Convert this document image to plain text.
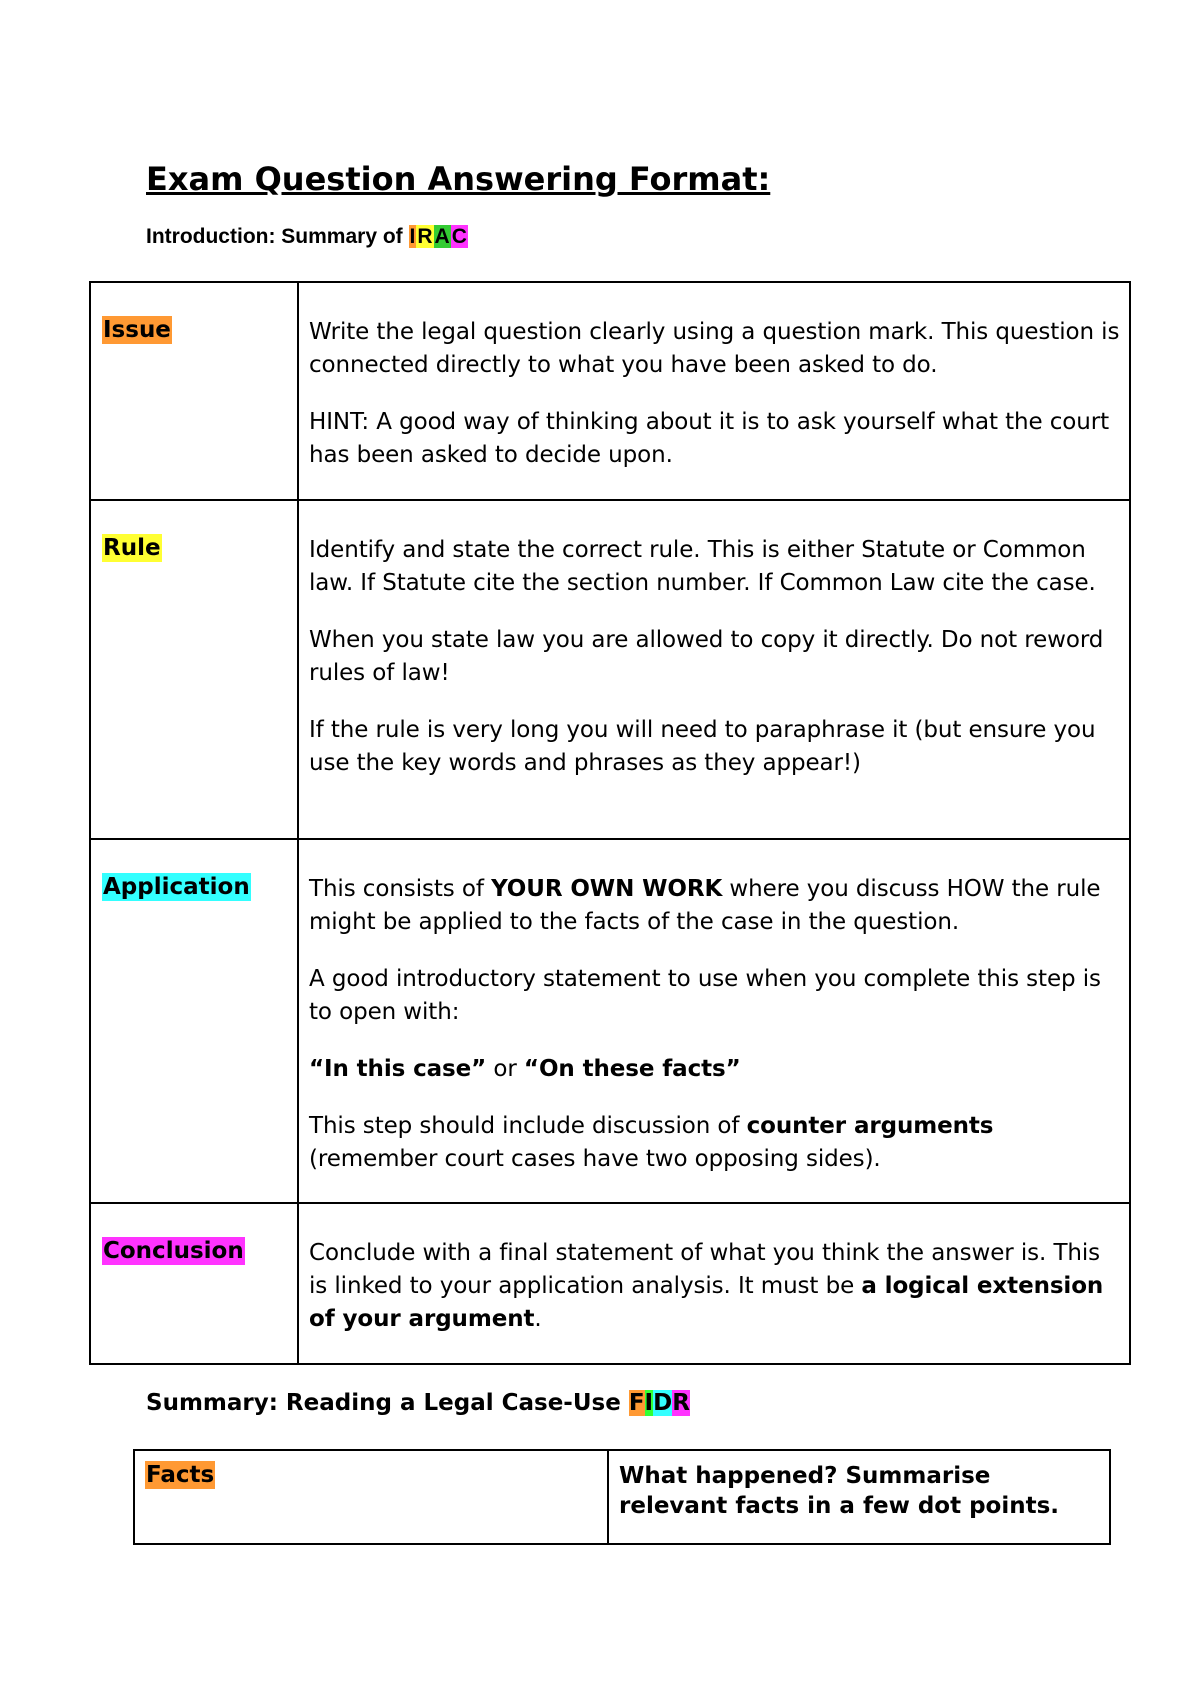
Exam Question Answering Format:
Introduction: Summary of IRAC
Issue	Write the legal question clearly using a question mark. This question is connected directly to what you have been asked to do.

HINT: A good way of thinking about it is to ask yourself what the court has been asked to decide upon.

Rule	Identify and state the correct rule. This is either Statute or Common law. If Statute cite the section number. If Common Law cite the case.

When you state law you are allowed to copy it directly. Do not reword rules of law!

If the rule is very long you will need to paraphrase it (but ensure you use the key words and phrases as they appear!)

Application	This consists of YOUR OWN WORK where you discuss HOW the rule might be applied to the facts of the case in the question.

A good introductory statement to use when you complete this step is to open with:

“In this case” or “On these facts”

This step should include discussion of counter arguments (remember court cases have two opposing sides).

Conclusion	Conclude with a final statement of what you think the answer is. This is linked to your application analysis. It must be a logical extension of your argument.

Summary: Reading a Legal Case-Use FIDR
Facts	What happened? Summarise relevant facts in a few dot points.
